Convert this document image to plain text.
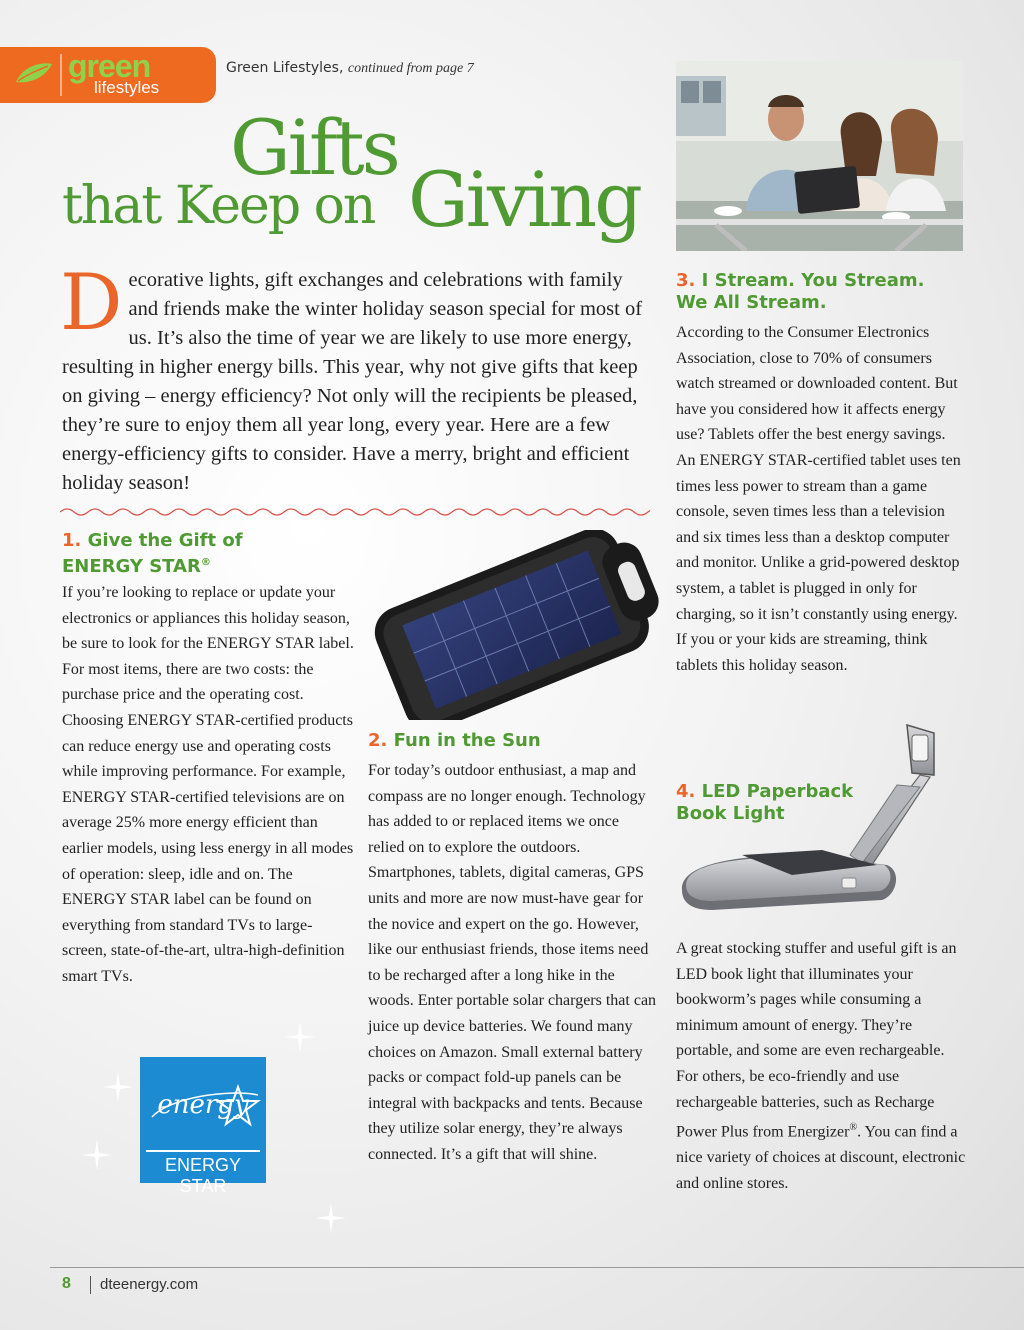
green
lifestyles
Green Lifestyles, continued from page 7
Gifts
that Keep on Giving
D ecorative lights, gift exchanges and celebrations with family and friends make the winter holiday season special for most of us. It’s also the time of year we are likely to use more energy, resulting in higher energy bills. This year, why not give gifts that keep on giving – energy efficiency? Not only will the recipients be pleased, they’re sure to enjoy them all year long, every year. Here are a few energy-efficiency gifts to consider. Have a merry, bright and efficient holiday season!
1. Give the Gift of
ENERGY STAR®
If you’re looking to replace or update your electronics or appliances this holiday season, be sure to look for the ENERGY STAR label. For most items, there are two costs: the purchase price and the operating cost. Choosing ENERGY STAR-certified products can reduce energy use and operating costs while improving performance. For example, ENERGY STAR-certified televisions are on average 25% more energy efficient than earlier models, using less energy in all modes of operation: sleep, idle and on. The ENERGY STAR label can be found on everything from standard TVs to large-screen, state-of-the-art, ultra-high-definition smart TVs.
2. Fun in the Sun
For today’s outdoor enthusiast, a map and compass are no longer enough. Technology has added to or replaced items we once relied on to explore the outdoors. Smartphones, tablets, digital cameras, GPS units and more are now must-have gear for the novice and expert on the go. However, like our enthusiast friends, those items need to be recharged after a long hike in the woods. Enter portable solar chargers that can juice up device batteries. We found many choices on Amazon. Small external battery packs or compact fold-up panels can be integral with backpacks and tents. Because they utilize solar energy, they’re always connected. It’s a gift that will shine.
3. I Stream. You Stream.
We All Stream.
According to the Consumer Electronics Association, close to 70% of consumers watch streamed or downloaded content. But have you considered how it affects energy use? Tablets offer the best energy savings. An ENERGY STAR-certified tablet uses ten times less power to stream than a game console, seven times less than a television and six times less than a desktop computer and monitor. Unlike a grid-powered desktop system, a tablet is plugged in only for charging, so it isn’t constantly using energy. If you or your kids are streaming, think tablets this holiday season.
4. LED Paperback
Book Light
A great stocking stuffer and useful gift is an LED book light that illuminates your bookworm’s pages while consuming a minimum amount of energy. They’re portable, and some are even rechargeable. For others, be eco-friendly and use rechargeable batteries, such as Recharge Power Plus from Energizer®. You can find a nice variety of choices at discount, electronic and online stores.
energy
ENERGY STAR
8 dteenergy.com
